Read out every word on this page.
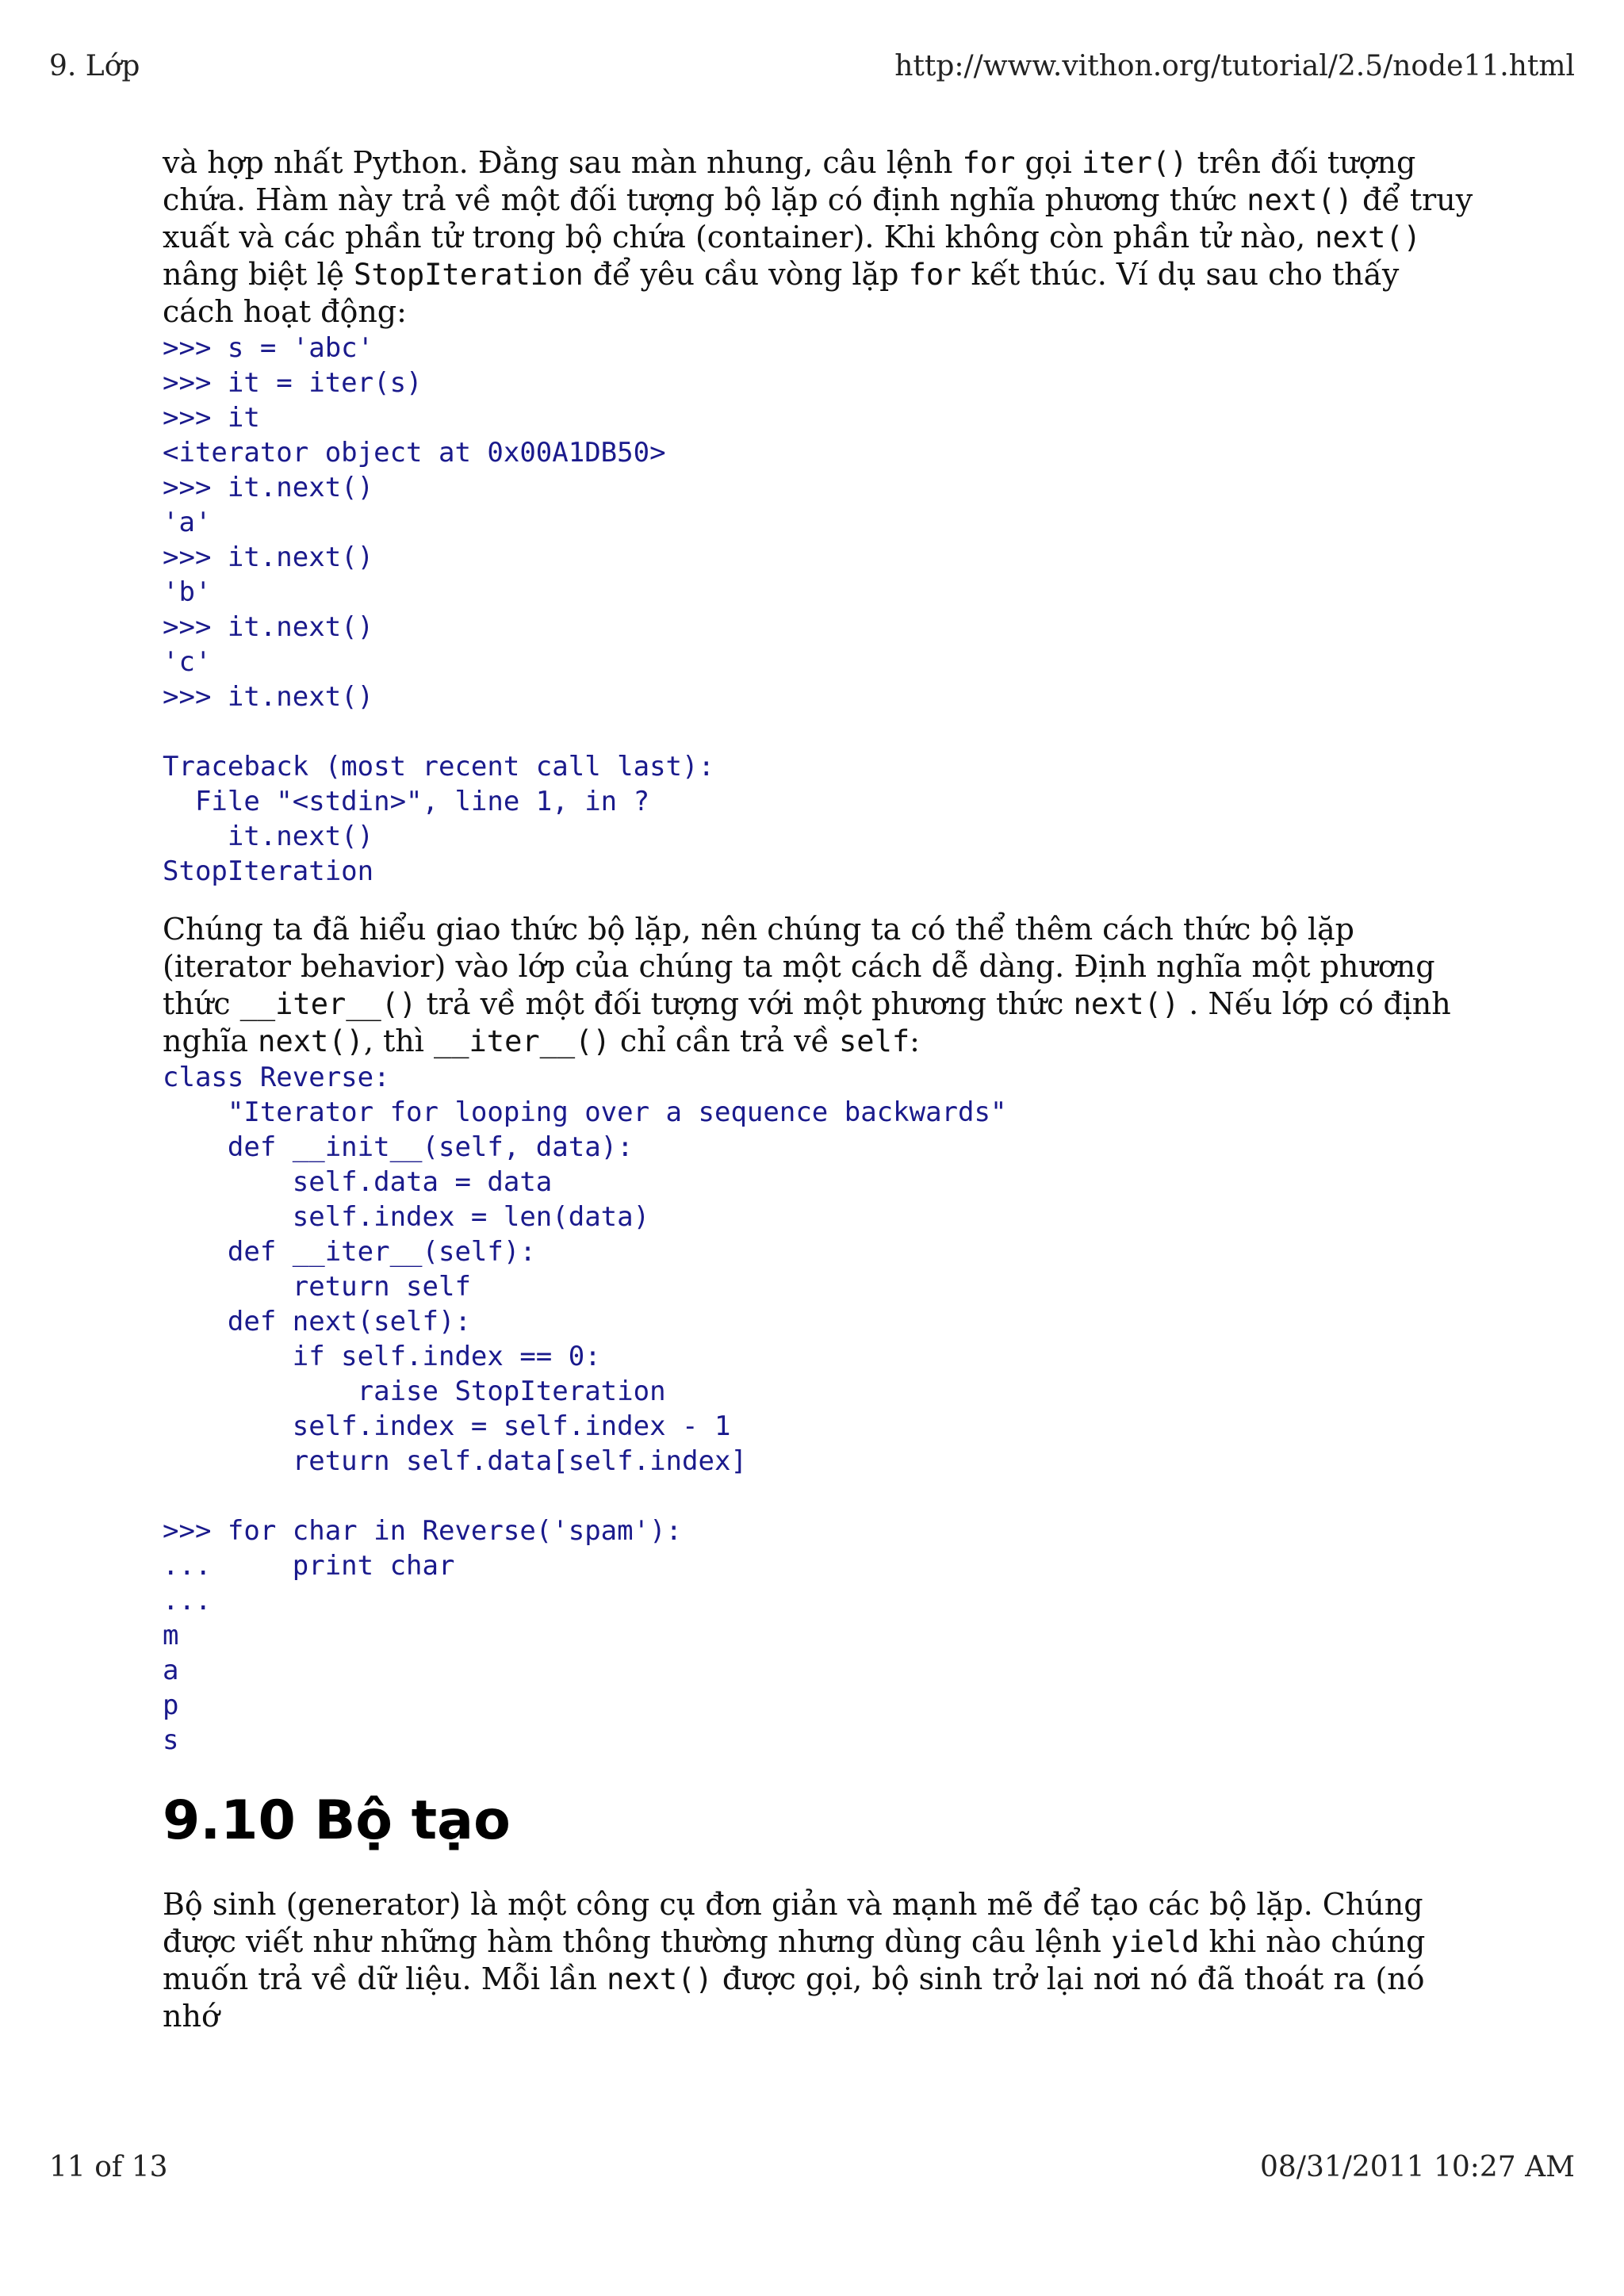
9. Lớp	http://www.vithon.org/tutorial/2.5/node11.html

và hợp nhất Python. Đằng sau màn nhung, câu lệnh for gọi iter() trên đối tượng chứa. Hàm này trả về một đối tượng bộ lặp có định nghĩa phương thức next() để truy xuất và các phần tử trong bộ chứa (container). Khi không còn phần tử nào, next() nâng biệt lệ StopIteration để yêu cầu vòng lặp for kết thúc. Ví dụ sau cho thấy cách hoạt động:

>>> s = 'abc'
>>> it = iter(s)
>>> it
<iterator object at 0x00A1DB50>
>>> it.next()
'a'
>>> it.next()
'b'
>>> it.next()
'c'
>>> it.next()

Traceback (most recent call last):
File "<stdin>", line 1, in ?
it.next()
StopIteration

Chúng ta đã hiểu giao thức bộ lặp, nên chúng ta có thể thêm cách thức bộ lặp (iterator behavior) vào lớp của chúng ta một cách dễ dàng. Định nghĩa một phương thức __iter__() trả về một đối tượng với một phương thức next() . Nếu lớp có định nghĩa next(), thì __iter__() chỉ cần trả về self:

class Reverse:
"Iterator for looping over a sequence backwards"
def __init__(self, data):
self.data = data
self.index = len(data)
def __iter__(self):
return self
def next(self):
if self.index == 0:
raise StopIteration
self.index = self.index - 1
return self.data[self.index]

>>> for char in Reverse('spam'):
...     print char
...
m
a
p
s
9.10 Bộ tạo

Bộ sinh (generator) là một công cụ đơn giản và mạnh mẽ để tạo các bộ lặp. Chúng được viết như những hàm thông thường nhưng dùng câu lệnh yield khi nào chúng muốn trả về dữ liệu. Mỗi lần next() được gọi, bộ sinh trở lại nơi nó đã thoát ra (nó nhớ

11 of 13	08/31/2011 10:27 AM
